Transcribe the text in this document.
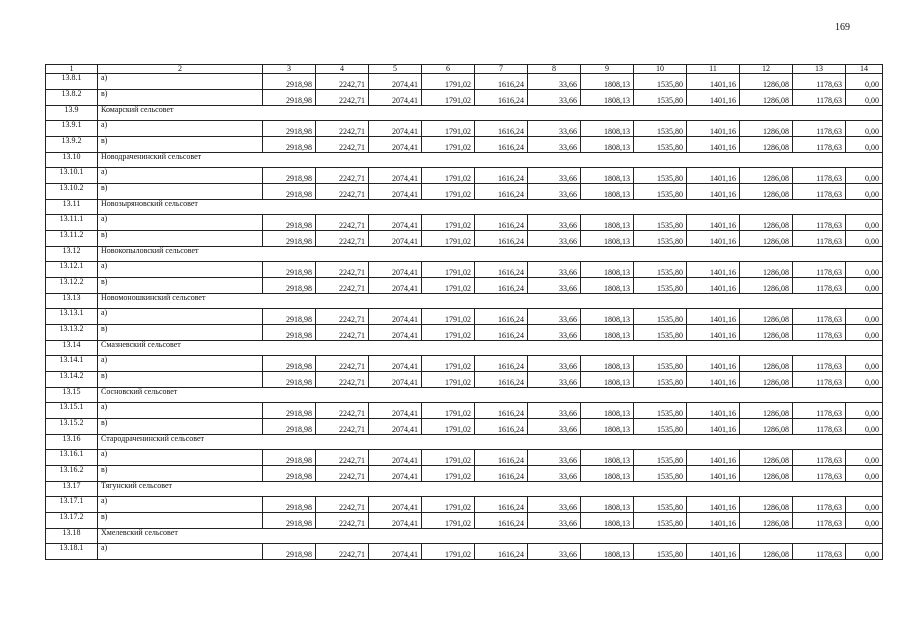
169
1	2	3	4	5	6	7	8	9	10	11	12	13	14
13.8.1	а)	2918,98	2242,71	2074,41	1791,02	1616,24	33,66	1808,13	1535,80	1401,16	1286,08	1178,63	0,00
13.8.2	в)	2918,98	2242,71	2074,41	1791,02	1616,24	33,66	1808,13	1535,80	1401,16	1286,08	1178,63	0,00
13.9	Комарский сельсовет												
13.9.1	а)	2918,98	2242,71	2074,41	1791,02	1616,24	33,66	1808,13	1535,80	1401,16	1286,08	1178,63	0,00
13.9.2	в)	2918,98	2242,71	2074,41	1791,02	1616,24	33,66	1808,13	1535,80	1401,16	1286,08	1178,63	0,00
13.10	Новодраченинский сельсовет												
13.10.1	а)	2918,98	2242,71	2074,41	1791,02	1616,24	33,66	1808,13	1535,80	1401,16	1286,08	1178,63	0,00
13.10.2	в)	2918,98	2242,71	2074,41	1791,02	1616,24	33,66	1808,13	1535,80	1401,16	1286,08	1178,63	0,00
13.11	Новозыряновский сельсовет												
13.11.1	а)	2918,98	2242,71	2074,41	1791,02	1616,24	33,66	1808,13	1535,80	1401,16	1286,08	1178,63	0,00
13.11.2	в)	2918,98	2242,71	2074,41	1791,02	1616,24	33,66	1808,13	1535,80	1401,16	1286,08	1178,63	0,00
13.12	Новокопыловский сельсовет												
13.12.1	а)	2918,98	2242,71	2074,41	1791,02	1616,24	33,66	1808,13	1535,80	1401,16	1286,08	1178,63	0,00
13.12.2	в)	2918,98	2242,71	2074,41	1791,02	1616,24	33,66	1808,13	1535,80	1401,16	1286,08	1178,63	0,00
13.13	Новомоношкинский сельсовет												
13.13.1	а)	2918,98	2242,71	2074,41	1791,02	1616,24	33,66	1808,13	1535,80	1401,16	1286,08	1178,63	0,00
13.13.2	в)	2918,98	2242,71	2074,41	1791,02	1616,24	33,66	1808,13	1535,80	1401,16	1286,08	1178,63	0,00
13.14	Смазневский сельсовет												
13.14.1	а)	2918,98	2242,71	2074,41	1791,02	1616,24	33,66	1808,13	1535,80	1401,16	1286,08	1178,63	0,00
13.14.2	в)	2918,98	2242,71	2074,41	1791,02	1616,24	33,66	1808,13	1535,80	1401,16	1286,08	1178,63	0,00
13.15	Сосновский сельсовет												
13.15.1	а)	2918,98	2242,71	2074,41	1791,02	1616,24	33,66	1808,13	1535,80	1401,16	1286,08	1178,63	0,00
13.15.2	в)	2918,98	2242,71	2074,41	1791,02	1616,24	33,66	1808,13	1535,80	1401,16	1286,08	1178,63	0,00
13.16	Стародраченинский сельсовет												
13.16.1	а)	2918,98	2242,71	2074,41	1791,02	1616,24	33,66	1808,13	1535,80	1401,16	1286,08	1178,63	0,00
13.16.2	в)	2918,98	2242,71	2074,41	1791,02	1616,24	33,66	1808,13	1535,80	1401,16	1286,08	1178,63	0,00
13.17	Тягунский сельсовет												
13.17.1	а)	2918,98	2242,71	2074,41	1791,02	1616,24	33,66	1808,13	1535,80	1401,16	1286,08	1178,63	0,00
13.17.2	в)	2918,98	2242,71	2074,41	1791,02	1616,24	33,66	1808,13	1535,80	1401,16	1286,08	1178,63	0,00
13.18	Хмелевский сельсовет												
13.18.1	а)	2918,98	2242,71	2074,41	1791,02	1616,24	33,66	1808,13	1535,80	1401,16	1286,08	1178,63	0,00
